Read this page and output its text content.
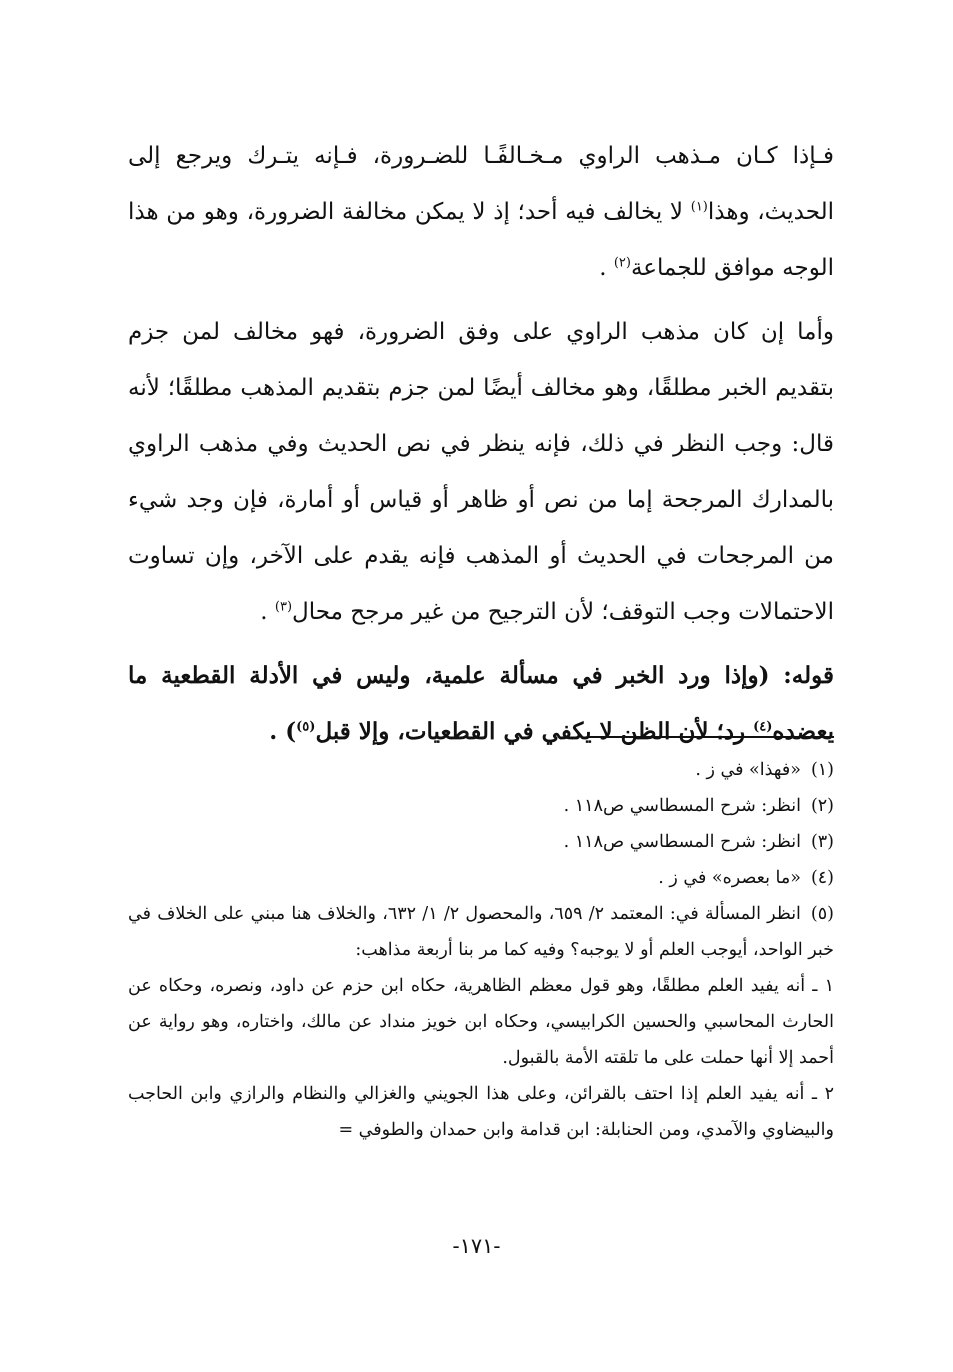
فـإذا كـان مـذهب الراوي مـخـالفًـا للضـرورة، فـإنه يتـرك ويرجع إلى الحديث، وهذا$^{(١)}$ لا يخالف فيه أحد؛ إذ لا يمكن مخالفة الضرورة، وهو من هذا الوجه موافق للجماعة$^{(٢)}$ .

وأما إن كان مذهب الراوي على وفق الضرورة، فهو مخالف لمن جزم بتقديم الخبر مطلقًا، وهو مخالف أيضًا لمن جزم بتقديم المذهب مطلقًا؛ لأنه قال: وجب النظر في ذلك، فإنه ينظر في نص الحديث وفي مذهب الراوي بالمدارك المرجحة إما من نص أو ظاهر أو قياس أو أمارة، فإن وجد شيء من المرجحات في الحديث أو المذهب فإنه يقدم على الآخر، وإن تساوت الاحتمالات وجب التوقف؛ لأن الترجيح من غير مرجح محال$^{(٣)}$ .

قوله: (وإذا ورد الخبر في مسألة علمية، وليس في الأدلة القطعية ما يعضده$^{(٤)}$ رد؛ لأن الظن لا يكفي في القطعيات، وإلا قبل$^{(٥)}$) .

(١)«فهذا» في ز .

(٢)انظر: شرح المسطاسي ص١١٨ .

(٣)انظر: شرح المسطاسي ص١١٨ .

(٤)«ما بعصره» في ز .

(٥)انظر المسألة في: المعتمد ٢/ ٦٥٩، والمحصول ٢/ ١/ ٦٣٢، والخلاف هنا مبني على الخلاف في خبر الواحد، أيوجب العلم أو لا يوجبه؟ وفيه كما مر بنا أربعة مذاهب:

١ ـ أنه يفيد العلم مطلقًا، وهو قول معظم الظاهرية، حكاه ابن حزم عن داود، ونصره، وحكاه عن الحارث المحاسبي والحسين الكرابيسي، وحكاه ابن خويز منداد عن مالك، واختاره، وهو رواية عن أحمد إلا أنها حملت على ما تلقته الأمة بالقبول.

٢ ـ أنه يفيد العلم إذا احتف بالقرائن، وعلى هذا الجويني والغزالي والنظام والرازي وابن الحاجب والبيضاوي والآمدي، ومن الحنابلة: ابن قدامة وابن حمدان والطوفي =

-١٧١-
